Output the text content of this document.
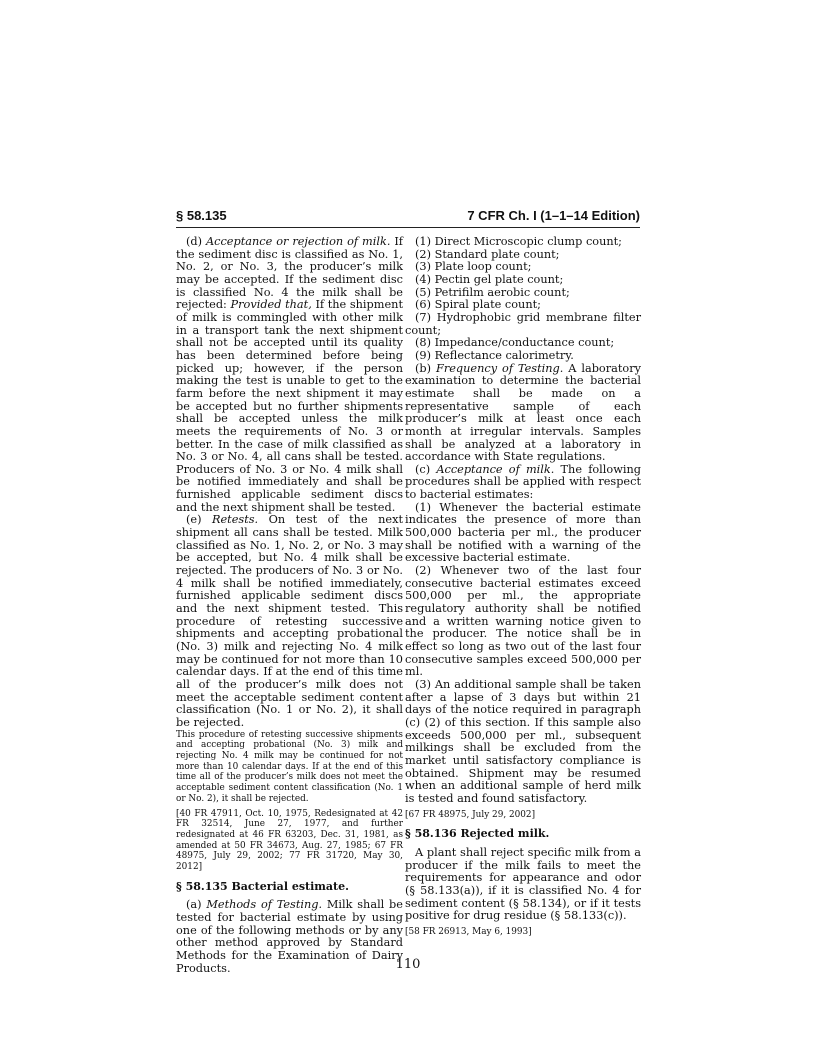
§ 58.135	7 CFR Ch. I (1–1–14 Edition)

(d) Acceptance or rejection of milk. If the sediment disc is classified as No. 1, No. 2, or No. 3, the producer’s milk may be accepted. If the sediment disc is classified No. 4 the milk shall be rejected: Provided that, If the shipment of milk is commingled with other milk in a transport tank the next shipment shall not be accepted until its quality has been determined before being picked up; however, if the person making the test is unable to get to the farm before the next shipment it may be accepted but no further shipments shall be accepted unless the milk meets the requirements of No. 3 or better. In the case of milk classified as No. 3 or No. 4, all cans shall be tested. Producers of No. 3 or No. 4 milk shall be notified immediately and shall be furnished applicable sediment discs and the next shipment shall be tested.

(e) Retests. On test of the next shipment all cans shall be tested. Milk classified as No. 1, No. 2, or No. 3 may be accepted, but No. 4 milk shall be rejected. The producers of No. 3 or No. 4 milk shall be notified immediately, furnished applicable sediment discs and the next shipment tested. This procedure of retesting successive shipments and accepting probational (No. 3) milk and rejecting No. 4 milk may be continued for not more than 10 calendar days. If at the end of this time all of the producer’s milk does not meet the acceptable sediment content classification (No. 1 or No. 2), it shall be rejected.

This procedure of retesting successive shipments and accepting probational (No. 3) milk and rejecting No. 4 milk may be continued for not more than 10 calendar days. If at the end of this time all of the producer’s milk does not meet the acceptable sediment content classification (No. 1 or No. 2), it shall be rejected.

[40 FR 47911, Oct. 10, 1975, Redesignated at 42 FR 32514, June 27, 1977, and further redesignated at 46 FR 63203, Dec. 31, 1981, as amended at 50 FR 34673, Aug. 27, 1985; 67 FR 48975, July 29, 2002; 77 FR 31720, May 30, 2012]

§ 58.135 Bacterial estimate.

(a) Methods of Testing. Milk shall be tested for bacterial estimate by using one of the following methods or by any other method approved by Standard Methods for the Examination of Dairy Products.

(1) Direct Microscopic clump count;

(2) Standard plate count;

(3) Plate loop count;

(4) Pectin gel plate count;

(5) Petrifilm aerobic count;

(6) Spiral plate count;

(7) Hydrophobic grid membrane filter count;

(8) Impedance/conductance count;

(9) Reflectance calorimetry.

(b) Frequency of Testing. A laboratory examination to determine the bacterial estimate shall be made on a representative sample of each producer’s milk at least once each month at irregular intervals. Samples shall be analyzed at a laboratory in accordance with State regulations.

(c) Acceptance of milk. The following procedures shall be applied with respect to bacterial estimates:

(1) Whenever the bacterial estimate indicates the presence of more than 500,000 bacteria per ml., the producer shall be notified with a warning of the excessive bacterial estimate.

(2) Whenever two of the last four consecutive bacterial estimates exceed 500,000 per ml., the appropriate regulatory authority shall be notified and a written warning notice given to the producer. The notice shall be in effect so long as two out of the last four consecutive samples exceed 500,000 per ml.

(3) An additional sample shall be taken after a lapse of 3 days but within 21 days of the notice required in paragraph (c) (2) of this section. If this sample also exceeds 500,000 per ml., subsequent milkings shall be excluded from the market until satisfactory compliance is obtained. Shipment may be resumed when an additional sample of herd milk is tested and found satisfactory.

[67 FR 48975, July 29, 2002]

§ 58.136 Rejected milk.

A plant shall reject specific milk from a producer if the milk fails to meet the requirements for appearance and odor (§ 58.133(a)), if it is classified No. 4 for sediment content (§ 58.134), or if it tests positive for drug residue (§ 58.133(c)).

[58 FR 26913, May 6, 1993]

110
